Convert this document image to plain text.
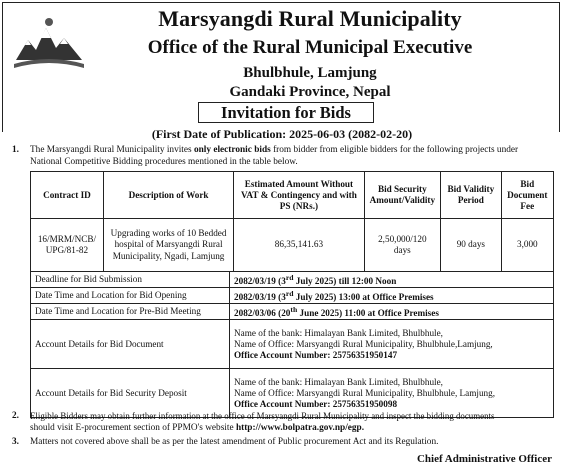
Marsyangdi Rural Municipality
Office of the Rural Municipal Executive
Bhulbhule, Lamjung
Gandaki Province, Nepal
Invitation for Bids
(First Date of Publication: 2025-06-03 (2082-02-20)
1. The Marsyangdi Rural Municipality invites only electronic bids from bidder from eligible bidders for the following projects under
National Competitive Bidding procedures mentioned in the table below.
Contract ID	Description of Work	Estimated Amount Without VAT & Contingency and with PS (NRs.)	Bid Security Amount/Validity	Bid Validity Period	Bid Document Fee
16/MRM/NCB/ UPG/81-82	Upgrading works of 10 Bedded hospital of Marsyangdi Rural Municipality, Ngadi, Lamjung	86,35,141.63	2,50,000/120 days	90 days	3,000
Deadline for Bid Submission	2082/03/19 (3rd July 2025) till 12:00 Noon
Date Time and Location for Bid Opening	2082/03/19 (3rd July 2025) 13:00 at Office Premises
Date Time and Location for Pre-Bid Meeting	2082/03/06 (20th June 2025) 11:00 at Office Premises
Account Details for Bid Document	Name of the bank: Himalayan Bank Limited, Bhulbhule,
Name of Office: Marsyangdi Rural Municipality, Bhulbhule,Lamjung,
Office Account Number: 25756351950147

Account Details for Bid Security Deposit	Name of the bank: Himalayan Bank Limited, Bhulbhule,
Name of Office: Marsyangdi Rural Municipality, Bhulbhule, Lamjung,
Office Account Number: 25756351950098
2. Eligible Bidders may obtain further information at the office of Marsyangdi Rural Municipality and inspect the bidding documents
should visit E-procurement section of PPMO's website http://www.bolpatra.gov.np/egp.
3. Matters not covered above shall be as per the latest amendment of Public procurement Act and its Regulation.
Chief Administrative Officer
